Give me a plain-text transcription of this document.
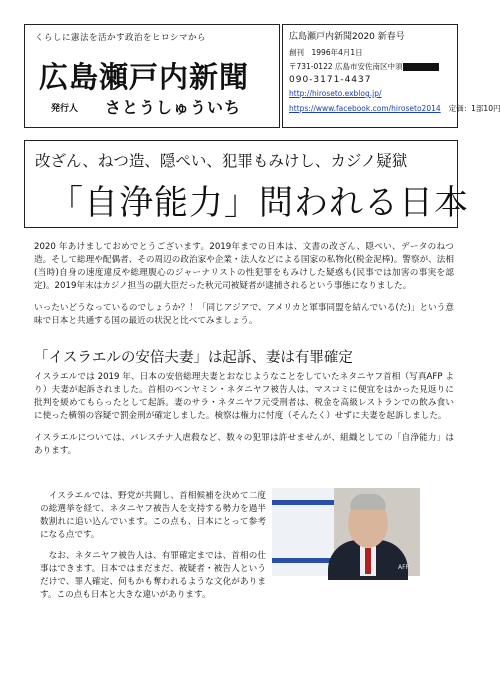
くらしに憲法を活かす政治をヒロシマから
広島瀬戸内新聞
発行人 さとうしゅういち
広島瀬戸内新聞2020 新春号
創刊　1996年4月1日
〒731-0122 広島市安佐南区中須
090-3171-4437
http://hiroseto.exblog.jp/
https://www.facebook.com/hiroseto2014 定価：1部10円
改ざん、ねつ造、隠ぺい、犯罪もみけし、カジノ疑獄
「自浄能力」問われる日本
2020 年あけましておめでとうございます。2019年までの日本は、文書の改ざん、隠ぺい、データのねつ造。そして総理や配偶者、その周辺の政治家や企業・法人などによる国家の私物化(税金泥棒)。警察が、法相(当時)自身の速度違反や総理腹心のジャーナリストの性犯罪をもみけした疑惑も(民事では加害の事実を認定)。2019年末はカジノ担当の副大臣だった秋元司被疑者が逮捕されるという事態になりました。
いったいどうなっているのでしょうか？！「同じアジアで、アメリカと軍事同盟を結んでいる(た)」という意味で日本と共通する国の最近の状況と比べてみましょう。
「イスラエルの安倍夫妻」は起訴、妻は有罪確定
イスラエルでは 2019 年、日本の安倍総理夫妻とおなじようなことをしていたネタニヤフ首相（写真AFP より）夫妻が起訴されました。首相のベンヤミン・ネタニヤフ被告人は、マスコミに便宜をはかった見返りに批判を緩めてもらったとして起訴。妻のサラ・ネタニヤフ元受刑者は、税金を高級レストランでの飲み食いに使った横領の容疑で罰金刑が確定しました。検察は権力に忖度（そんたく）せずに夫妻を起訴しました。
イスラエルについては、パレスチナ人虐殺など、数々の犯罪は許せませんが、組織としての「自浄能力」はあります。
イスラエルでは、野党が共闘し、首相候補を決めて二度の総選挙を経て、ネタニヤフ被告人を支持する勢力を過半数割れに追い込んでいます。この点も、日本にとって参考になる点です。
なお、ネタニヤフ被告人は、有罪確定までは、首相の仕事はできます。日本ではまだまだ、被疑者・被告人というだけで、罪人確定、何もかも奪われるような文化があります。この点も日本と大きな違いがあります。
AFP
